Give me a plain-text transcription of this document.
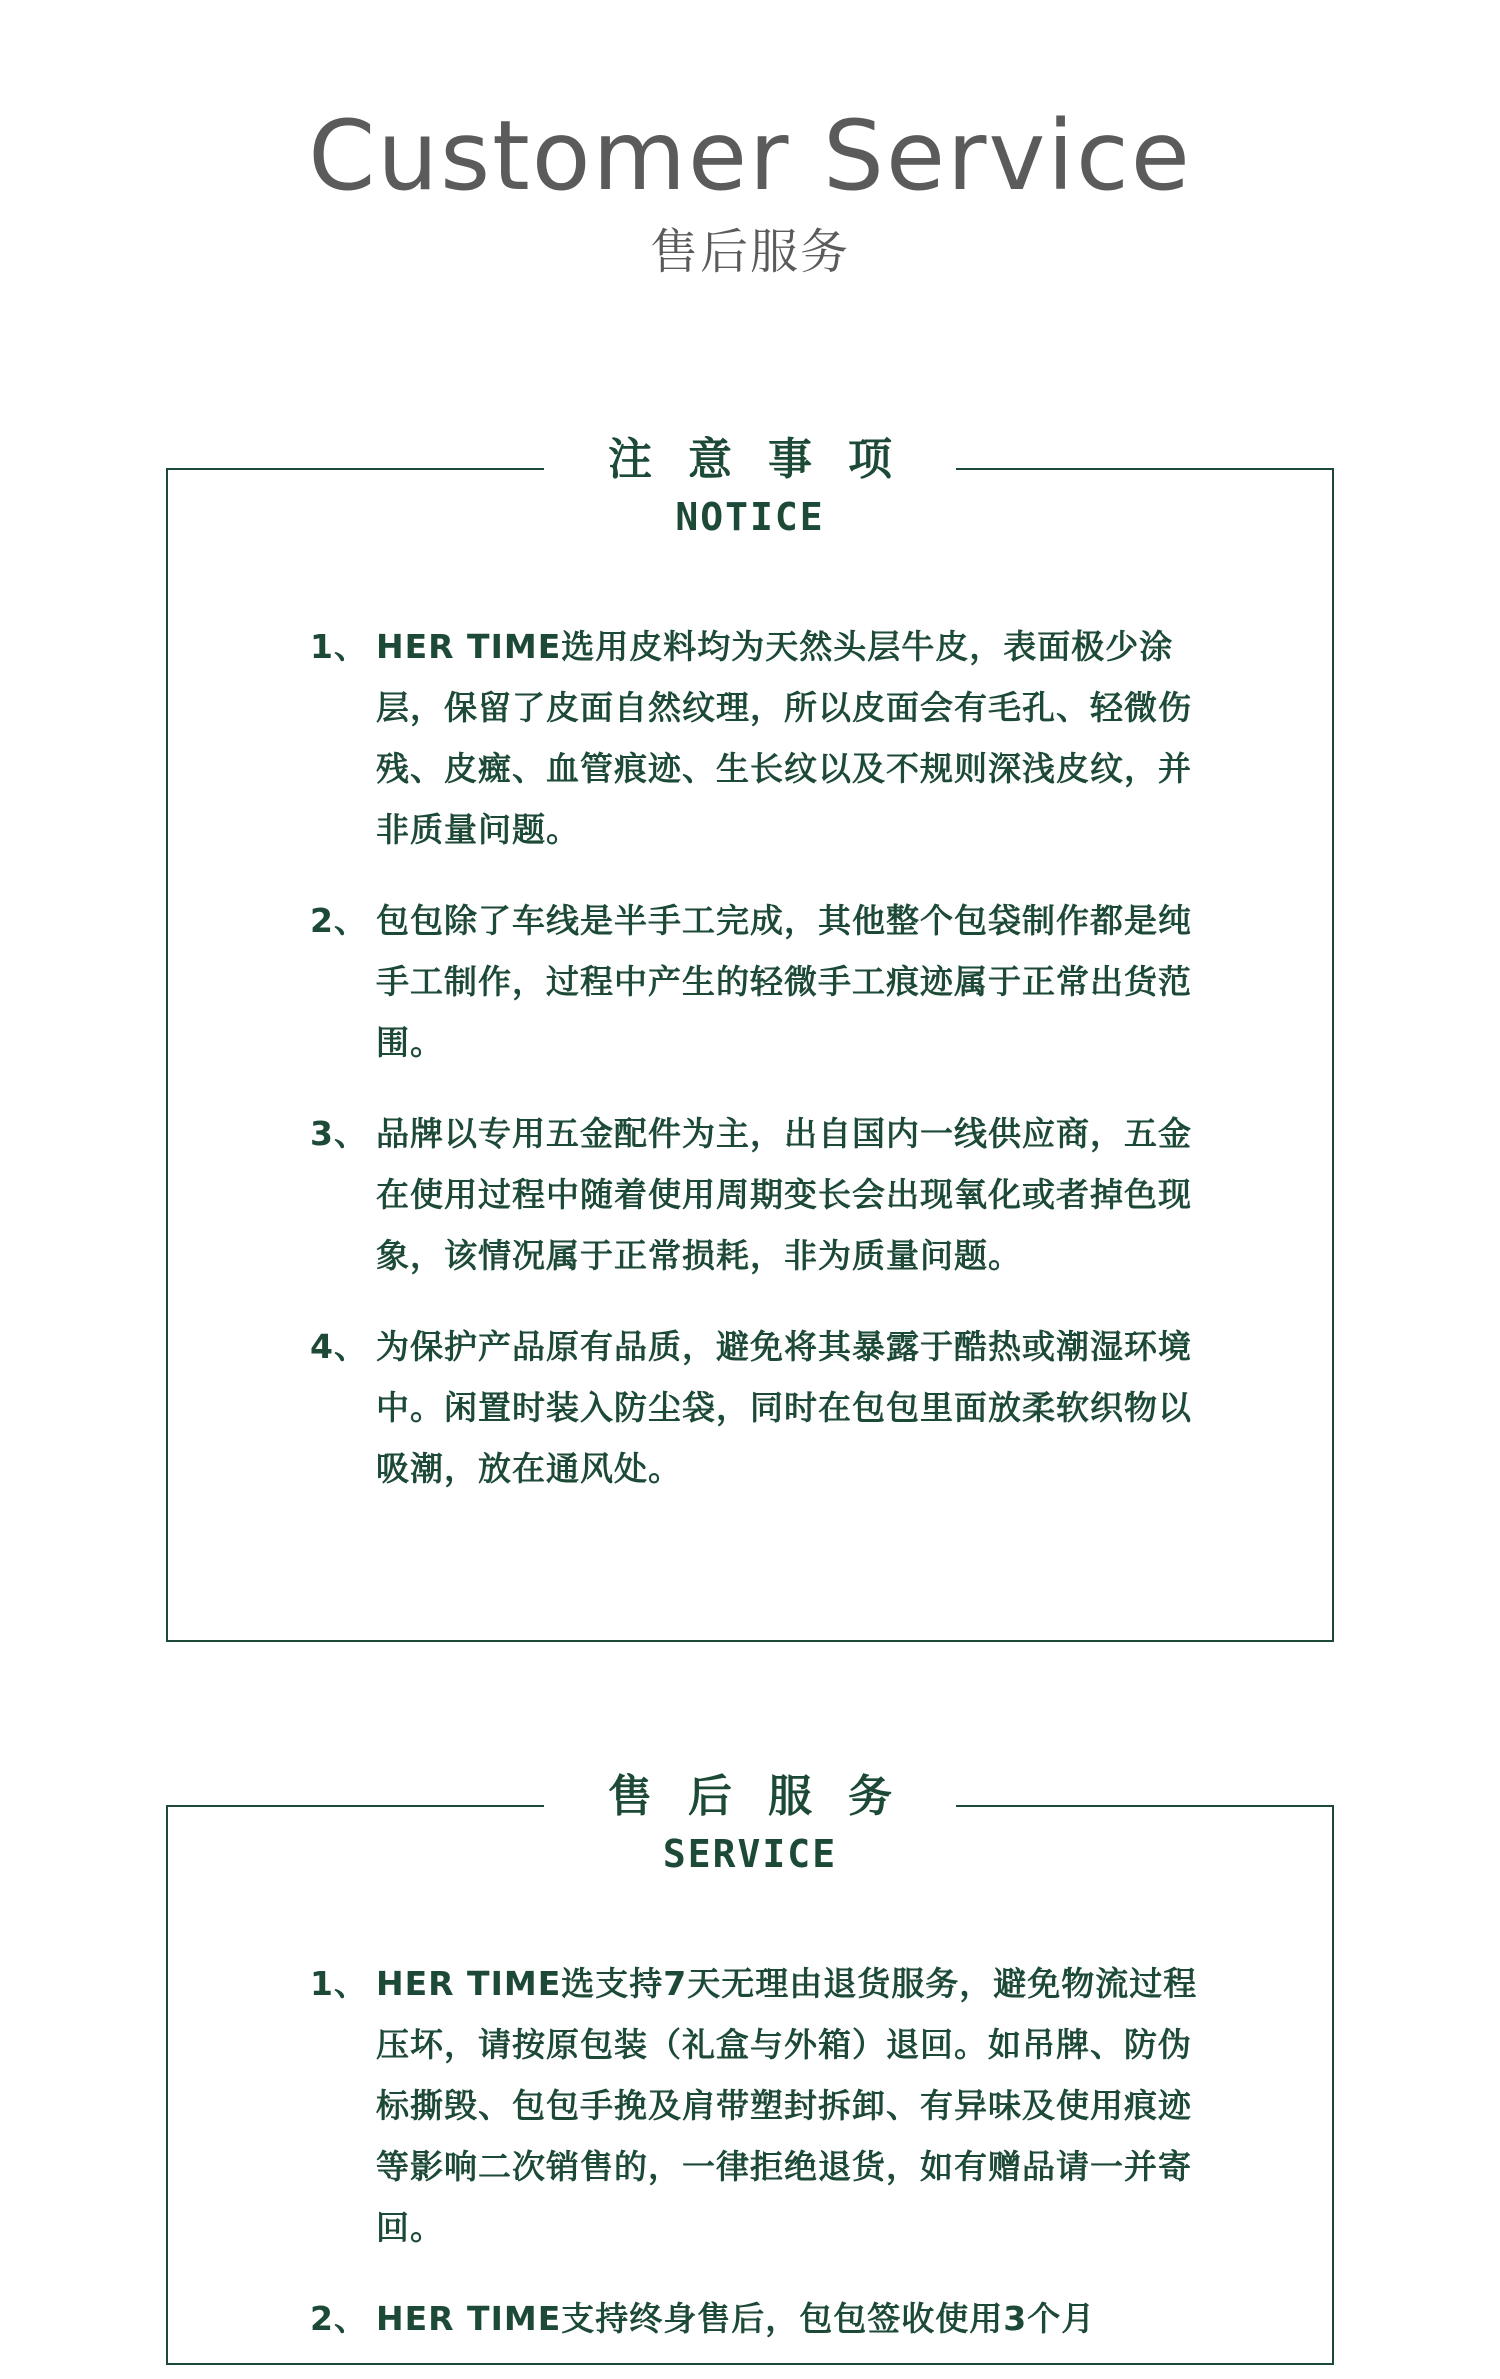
Customer Service
售后服务
注意事项
NOTICE
1、 HER TIME选用皮料均为天然头层牛皮，表面极少涂层，保留了皮面自然纹理，所以皮面会有毛孔、轻微伤残、皮癍、血管痕迹、生长纹以及不规则深浅皮纹，并非质量问题。
2、 包包除了车线是半手工完成，其他整个包袋制作都是纯手工制作，过程中产生的轻微手工痕迹属于正常出货范围。
3、 品牌以专用五金配件为主，出自国内一线供应商，五金在使用过程中随着使用周期变长会出现氧化或者掉色现象，该情况属于正常损耗，非为质量问题。
4、 为保护产品原有品质，避免将其暴露于酷热或潮湿环境中。闲置时装入防尘袋，同时在包包里面放柔软织物以吸潮，放在通风处。
售后服务
SERVICE
1、 HER TIME选支持7天无理由退货服务，避免物流过程压坏，请按原包装（礼盒与外箱）退回。如吊牌、防伪标撕毁、包包手挽及肩带塑封拆卸、有异味及使用痕迹等影响二次销售的，一律拒绝退货，如有赠品请一并寄回。
2、 HER TIME支持终身售后，包包签收使用3个月
